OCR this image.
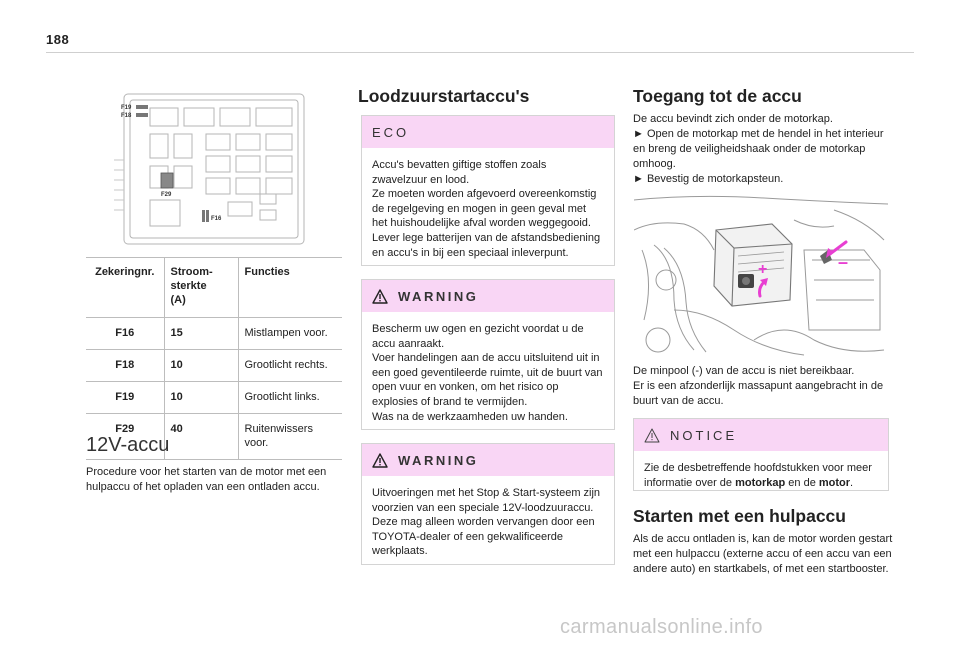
188
F19
F18
F29
F16
Zekeringnr.	Stroom-
sterkte
(A)	Functies
F16	15	Mistlampen voor.
F18	10	Grootlicht rechts.
F19	10	Grootlicht links.
F29	40	Ruitenwissers
voor.
12V-accu
Procedure voor het starten van de motor met een hulpaccu of het opladen van een ontladen accu.
Loodzuurstartaccu's
ECO
Accu's bevatten giftige stoffen zoals zwavelzuur en lood.
Ze moeten worden afgevoerd overeenkomstig de regelgeving en mogen in geen geval met het huishoudelijke afval worden weggegooid.
Lever lege batterijen van de afstandsbediening en accu's in bij een speciaal inleverpunt.
WARNING
Bescherm uw ogen en gezicht voordat u de accu aanraakt.
Voer handelingen aan de accu uitsluitend uit in een goed geventileerde ruimte, uit de buurt van open vuur en vonken, om het risico op explosies of brand te vermijden.
Was na de werkzaamheden uw handen.
WARNING
Uitvoeringen met het Stop & Start-systeem zijn voorzien van een speciale 12V-loodzuuraccu. Deze mag alleen worden vervangen door een TOYOTA-dealer of een gekwalificeerde werkplaats.
Toegang tot de accu
De accu bevindt zich onder de motorkap.
► Open de motorkap met de hendel in het interieur en breng de veiligheidshaak onder de motorkap omhoog.
► Bevestig de motorkapsteun.
+	–
De minpool (-) van de accu is niet bereikbaar.
Er is een afzonderlijk massapunt aangebracht in de buurt van de accu.
NOTICE
Zie de desbetreffende hoofdstukken voor meer informatie over de motorkap en de motor.
Starten met een hulpaccu
Als de accu ontladen is, kan de motor worden gestart met een hulpaccu (externe accu of een accu van een andere auto) en startkabels, of met een startbooster.
carmanualsonline.info
